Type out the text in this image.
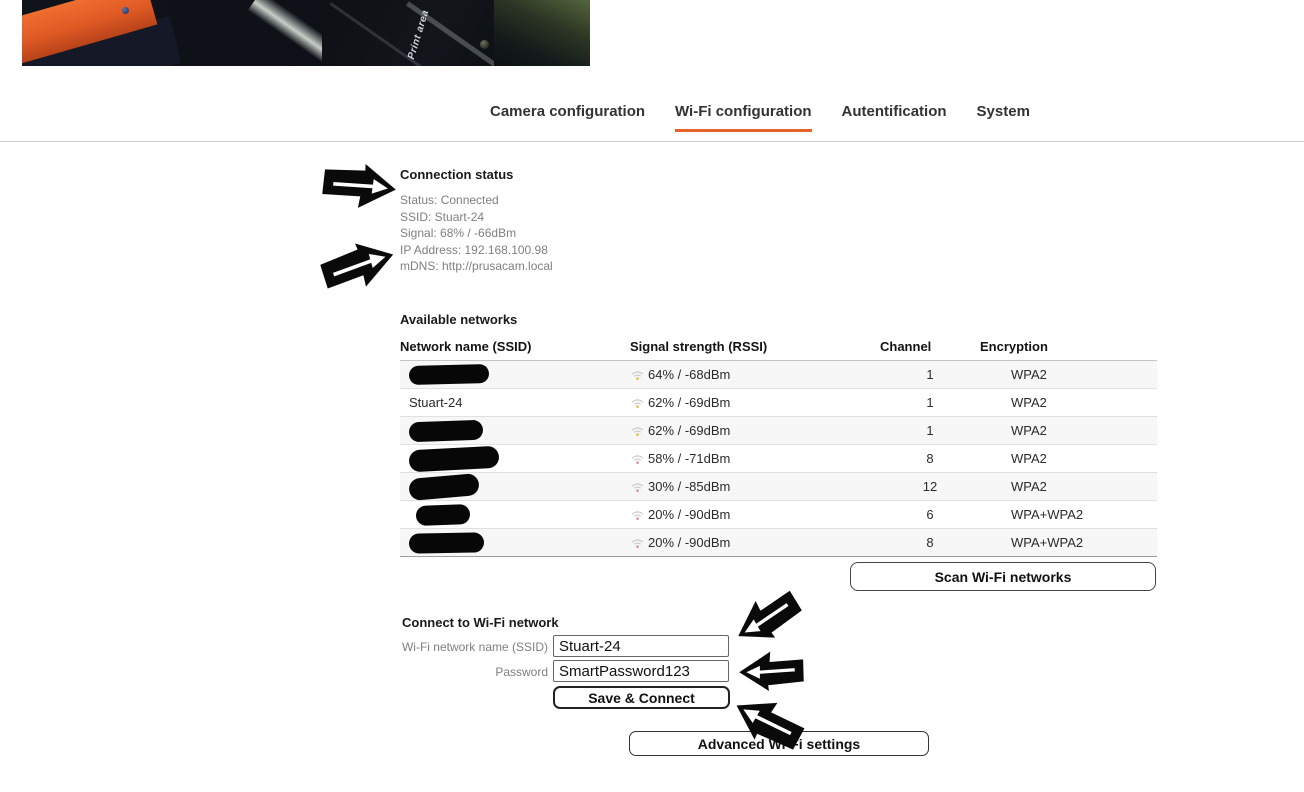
Print area
Camera configuration Wi-Fi configuration Autentification System
Connection status
Status: Connected
SSID: Stuart-24
Signal: 68% / -66dBm
IP Address: 192.168.100.98
mDNS: http://prusacam.local
Available networks
Network name (SSID)	Signal strength (RSSI)	Channel	Encryption

	64% / -68dBm	1	WPA2
Stuart-24	62% / -69dBm	1	WPA2

	62% / -69dBm	1	WPA2

	58% / -71dBm	8	WPA2

	30% / -85dBm	12	WPA2

	20% / -90dBm	6	WPA+WPA2

	20% / -90dBm	8	WPA+WPA2
Scan Wi-Fi networks
Connect to Wi-Fi network
Wi-Fi network name (SSID)
Stuart-24
Password
SmartPassword123
Save & Connect
Advanced Wi-Fi settings
